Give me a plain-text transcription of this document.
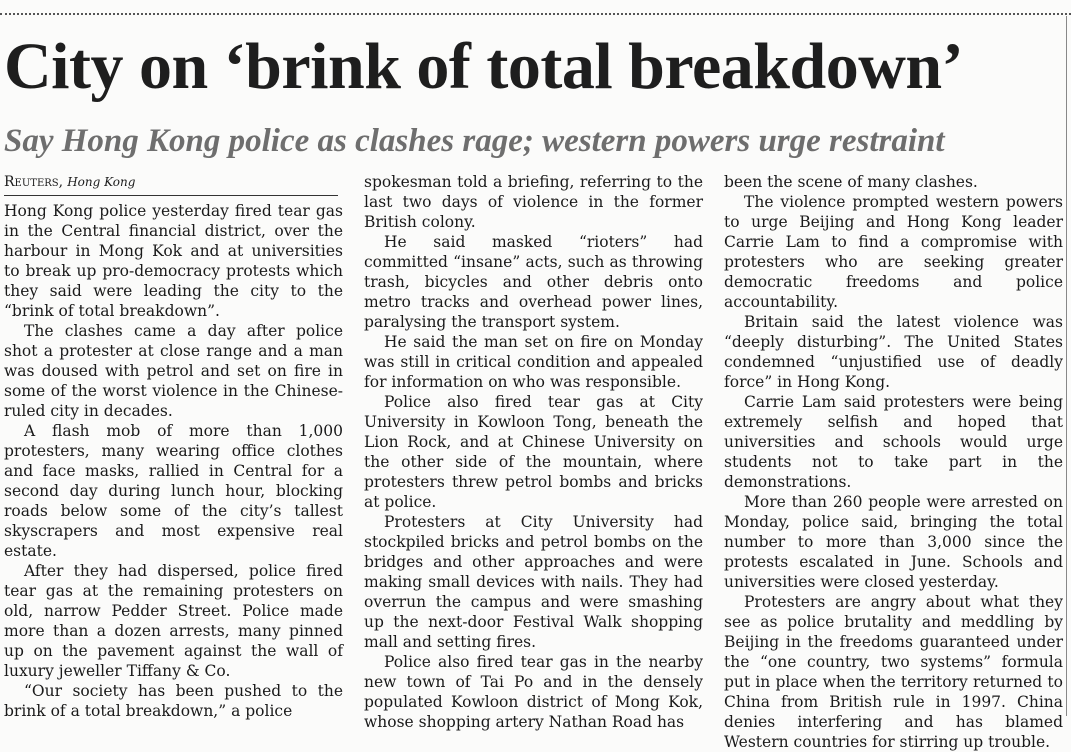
City on ‘brink of total breakdown’
Say Hong Kong police as clashes rage; western powers urge restraint
Reuters, Hong Kong

Hong Kong police yesterday fired tear gas in the Central financial district, over the harbour in Mong Kok and at universities to break up pro-democracy protests which they said were leading the city to the “brink of total breakdown”.

The clashes came a day after police shot a protester at close range and a man was doused with petrol and set on fire in some of the worst violence in the Chinese-ruled city in decades.

A flash mob of more than 1,000 protesters, many wearing office clothes and face masks, rallied in Central for a second day during lunch hour, blocking roads below some of the city’s tallest skyscrapers and most expensive real estate.

After they had dispersed, police fired tear gas at the remaining protesters on old, narrow Pedder Street. Police made more than a dozen arrests, many pinned up on the pavement against the wall of luxury jeweller Tiffany & Co.

“Our society has been pushed to the brink of a total breakdown,” a police

spokesman told a briefing, referring to the last two days of violence in the former British colony.

He said masked “rioters” had committed “insane” acts, such as throwing trash, bicycles and other debris onto metro tracks and overhead power lines, paralysing the transport system.

He said the man set on fire on Monday was still in critical condition and appealed for information on who was responsible.

Police also fired tear gas at City University in Kowloon Tong, beneath the Lion Rock, and at Chinese University on the other side of the mountain, where protesters threw petrol bombs and bricks at police.

Protesters at City University had stockpiled bricks and petrol bombs on the bridges and other approaches and were making small devices with nails. They had overrun the campus and were smashing up the next-door Festival Walk shopping mall and setting fires.

Police also fired tear gas in the nearby new town of Tai Po and in the densely populated Kowloon district of Mong Kok, whose shopping artery Nathan Road has

been the scene of many clashes.

The violence prompted western powers to urge Beijing and Hong Kong leader Carrie Lam to find a compromise with protesters who are seeking greater democratic freedoms and police accountability.

Britain said the latest violence was “deeply disturbing”. The United States condemned “unjustified use of deadly force” in Hong Kong.

Carrie Lam said protesters were being extremely selfish and hoped that universities and schools would urge students not to take part in the demonstrations.

More than 260 people were arrested on Monday, police said, bringing the total number to more than 3,000 since the protests escalated in June. Schools and universities were closed yesterday.

Protesters are angry about what they see as police brutality and meddling by Beijing in the freedoms guaranteed under the “one country, two systems” formula put in place when the territory returned to China from British rule in 1997. China denies interfering and has blamed Western countries for stirring up trouble.
